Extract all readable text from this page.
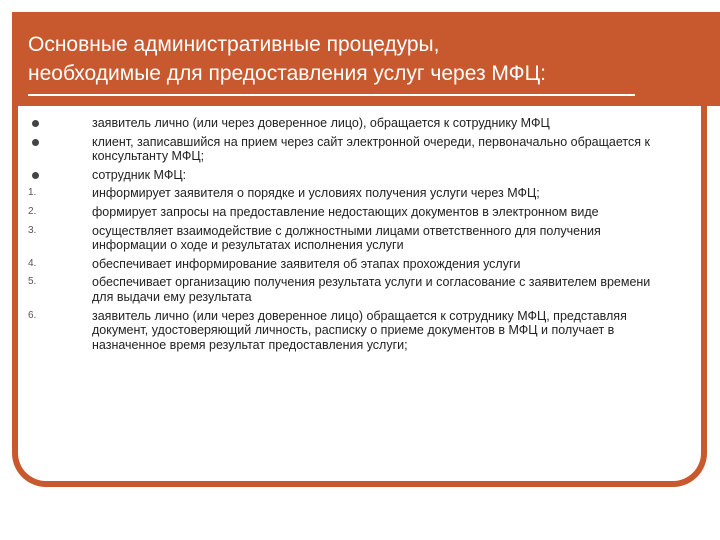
Основные административные процедуры,
необходимые для предоставления услуг через МФЦ:
заявитель лично (или через доверенное лицо), обращается к сотруднику МФЦ
клиент, записавшийся на прием через сайт электронной очереди, первоначально обращается к консультанту МФЦ;
сотрудник МФЦ:
1.	информирует заявителя о порядке и условиях получения услуги через МФЦ;
2.	формирует запросы на предоставление недостающих документов в электронном виде
3.	осуществляет взаимодействие с должностными лицами ответственного для получения информации о ходе и результатах исполнения услуги
4.	обеспечивает информирование заявителя об этапах прохождения услуги
5.	обеспечивает организацию получения результата услуги и согласование с заявителем времени для выдачи ему результата
6.	заявитель лично (или через доверенное лицо) обращается к сотруднику МФЦ, представляя документ, удостоверяющий личность, расписку о приеме документов в МФЦ и получает в назначенное время результат предоставления услуги;
